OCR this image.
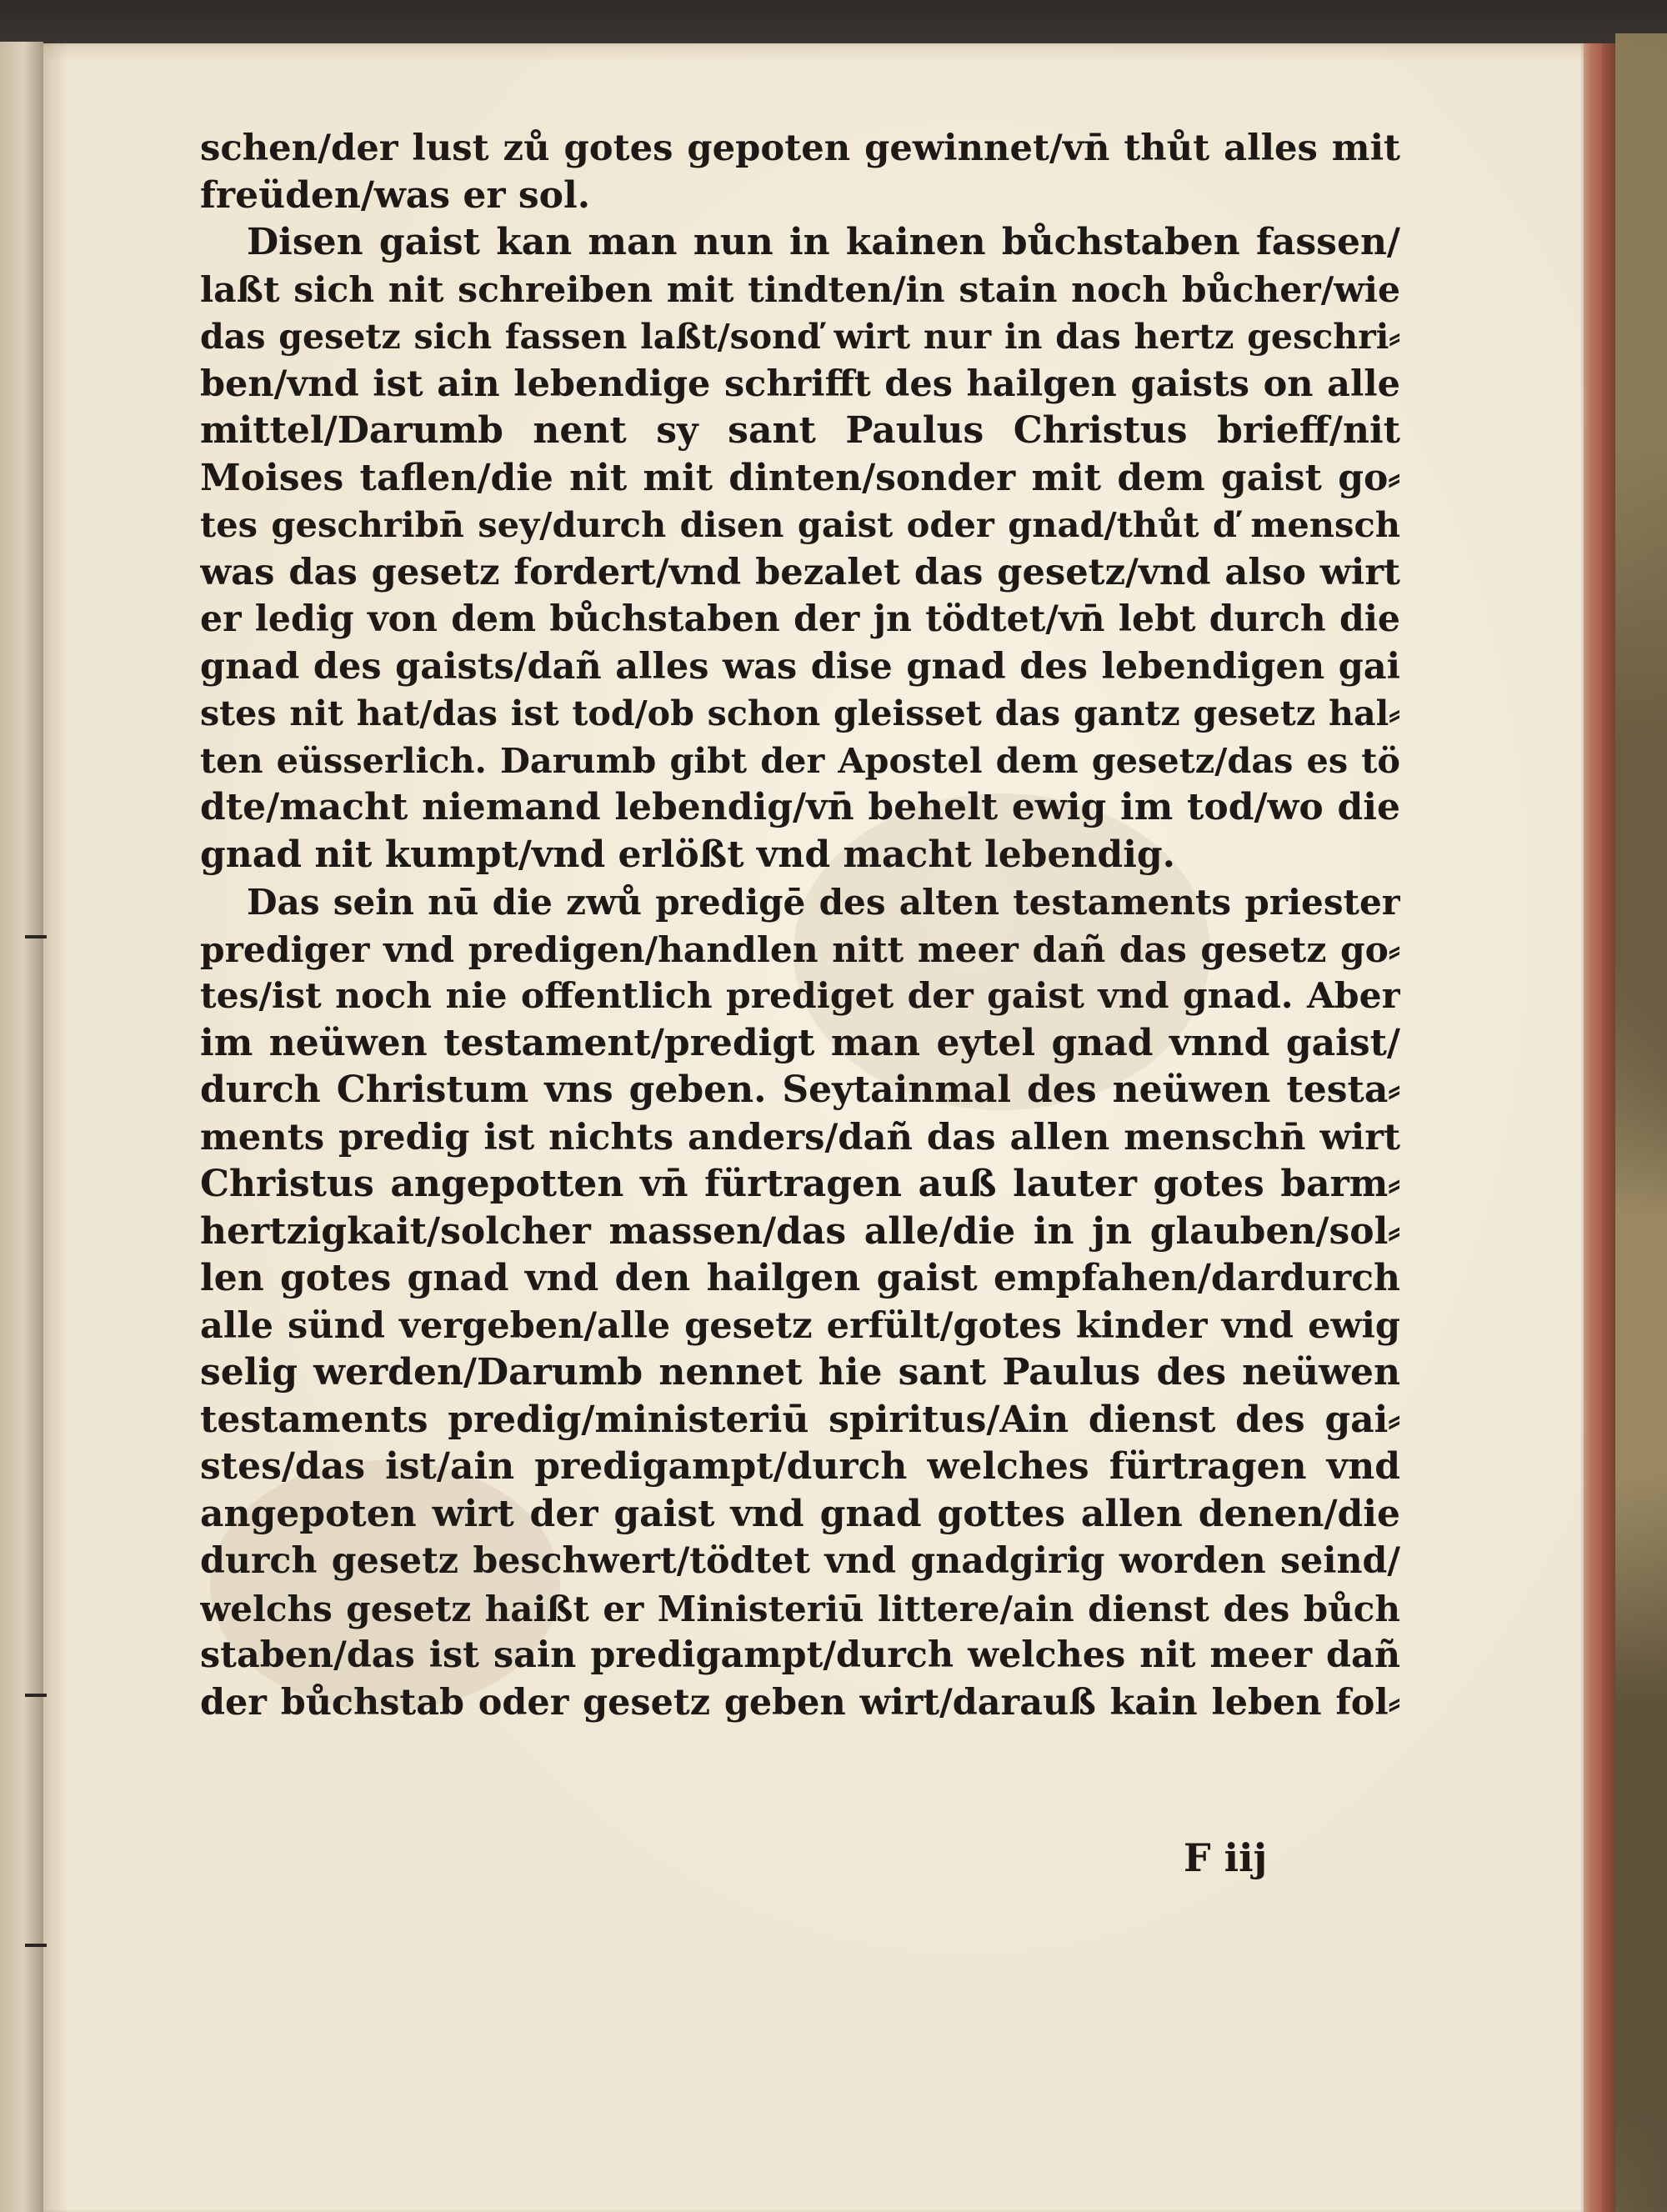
schen/der lust zů gotes gepoten gewinnet/vn̄ thůt alles mit
freüden/was er sol.
Disen gaist kan man nun in kainen bůchstaben fassen/
laßt sich nit schreiben mit tindten/in stain noch bůcher/wie
das gesetz sich fassen laßt/sonď wirt nur in das hertz geschri⸗
ben/vnd ist ain lebendige schrifft des hailgen gaists on alle
mittel/Darumb nent sy sant Paulus Christus brieff/nit
Moises taflen/die nit mit dinten/sonder mit dem gaist go⸗
tes geschribn̄ sey/durch disen gaist oder gnad/thůt ď mensch
was das gesetz fordert/vnd bezalet das gesetz/vnd also wirt
er ledig von dem bůchstaben der jn tödtet/vn̄ lebt durch die
gnad des gaists/dañ alles was dise gnad des lebendigen gai
stes nit hat/das ist tod/ob schon gleisset das gantz gesetz hal⸗
ten eüsserlich. Darumb gibt der Apostel dem gesetz/das es tö
dte/macht niemand lebendig/vn̄ behelt ewig im tod/wo die
gnad nit kumpt/vnd erlößt vnd macht lebendig.
Das sein nū die zwů predigē des alten testaments priester
prediger vnd predigen/handlen nitt meer dañ das gesetz go⸗
tes/ist noch nie offentlich prediget der gaist vnd gnad. Aber
im neüwen testament/predigt man eytel gnad vnnd gaist/
durch Christum vns geben. Seytainmal des neüwen testa⸗
ments predig ist nichts anders/dañ das allen menschn̄ wirt
Christus angepotten vn̄ fürtragen auß lauter gotes barm⸗
hertzigkait/solcher massen/das alle/die in jn glauben/sol⸗
len gotes gnad vnd den hailgen gaist empfahen/dardurch
alle sünd vergeben/alle gesetz erfült/gotes kinder vnd ewig
selig werden/Darumb nennet hie sant Paulus des neüwen
testaments predig/ministeriū spiritus/Ain dienst des gai⸗
stes/das ist/ain predigampt/durch welches fürtragen vnd
angepoten wirt der gaist vnd gnad gottes allen denen/die
durch gesetz beschwert/tödtet vnd gnadgirig worden seind/
welchs gesetz haißt er Ministeriū littere/ain dienst des bůch
staben/das ist sain predigampt/durch welches nit meer dañ
der bůchstab oder gesetz geben wirt/darauß kain leben fol⸗
F iij
